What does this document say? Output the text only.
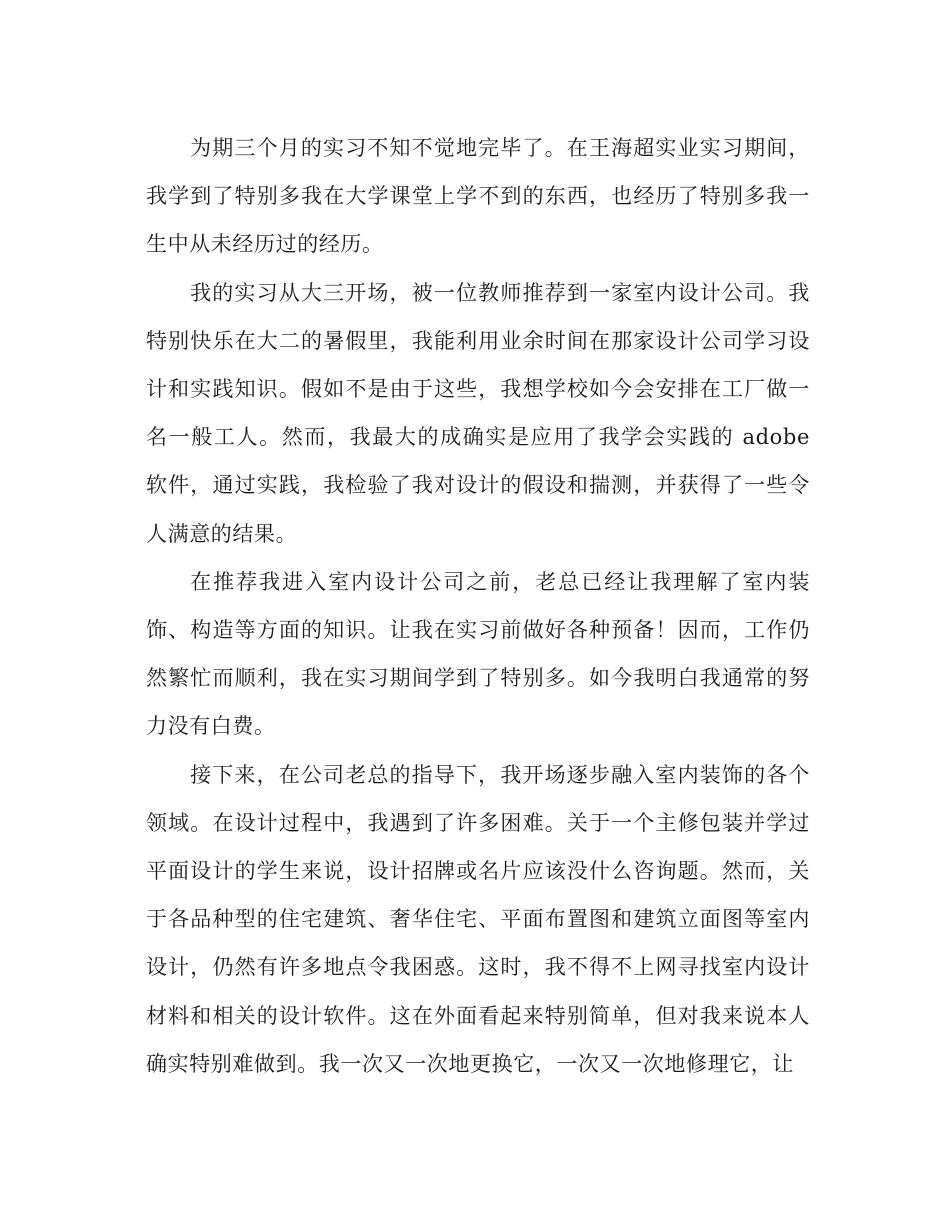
为期三个月的实习不知不觉地完毕了。在王海超实业实习期间，我学到了特别多我在大学课堂上学不到的东西，也经历了特别多我一生中从未经历过的经历。

我的实习从大三开场，被一位教师推荐到一家室内设计公司。我特别快乐在大二的暑假里，我能利用业余时间在那家设计公司学习设计和实践知识。假如不是由于这些，我想学校如今会安排在工厂做一名一般工人。然而，我最大的成确实是应用了我学会实践的 adobe 软件，通过实践，我检验了我对设计的假设和揣测，并获得了一些令人满意的结果。

在推荐我进入室内设计公司之前，老总已经让我理解了室内装饰、构造等方面的知识。让我在实习前做好各种预备！因而，工作仍然繁忙而顺利，我在实习期间学到了特别多。如今我明白我通常的努力没有白费。

接下来，在公司老总的指导下，我开场逐步融入室内装饰的各个领域。在设计过程中，我遇到了许多困难。关于一个主修包装并学过平面设计的学生来说，设计招牌或名片应该没什么咨询题。然而，关于各品种型的住宅建筑、奢华住宅、平面布置图和建筑立面图等室内设计，仍然有许多地点令我困惑。这时，我不得不上网寻找室内设计材料和相关的设计软件。这在外面看起来特别简单，但对我来说本人确实特别难做到。我一次又一次地更换它，一次又一次地修理它，让
